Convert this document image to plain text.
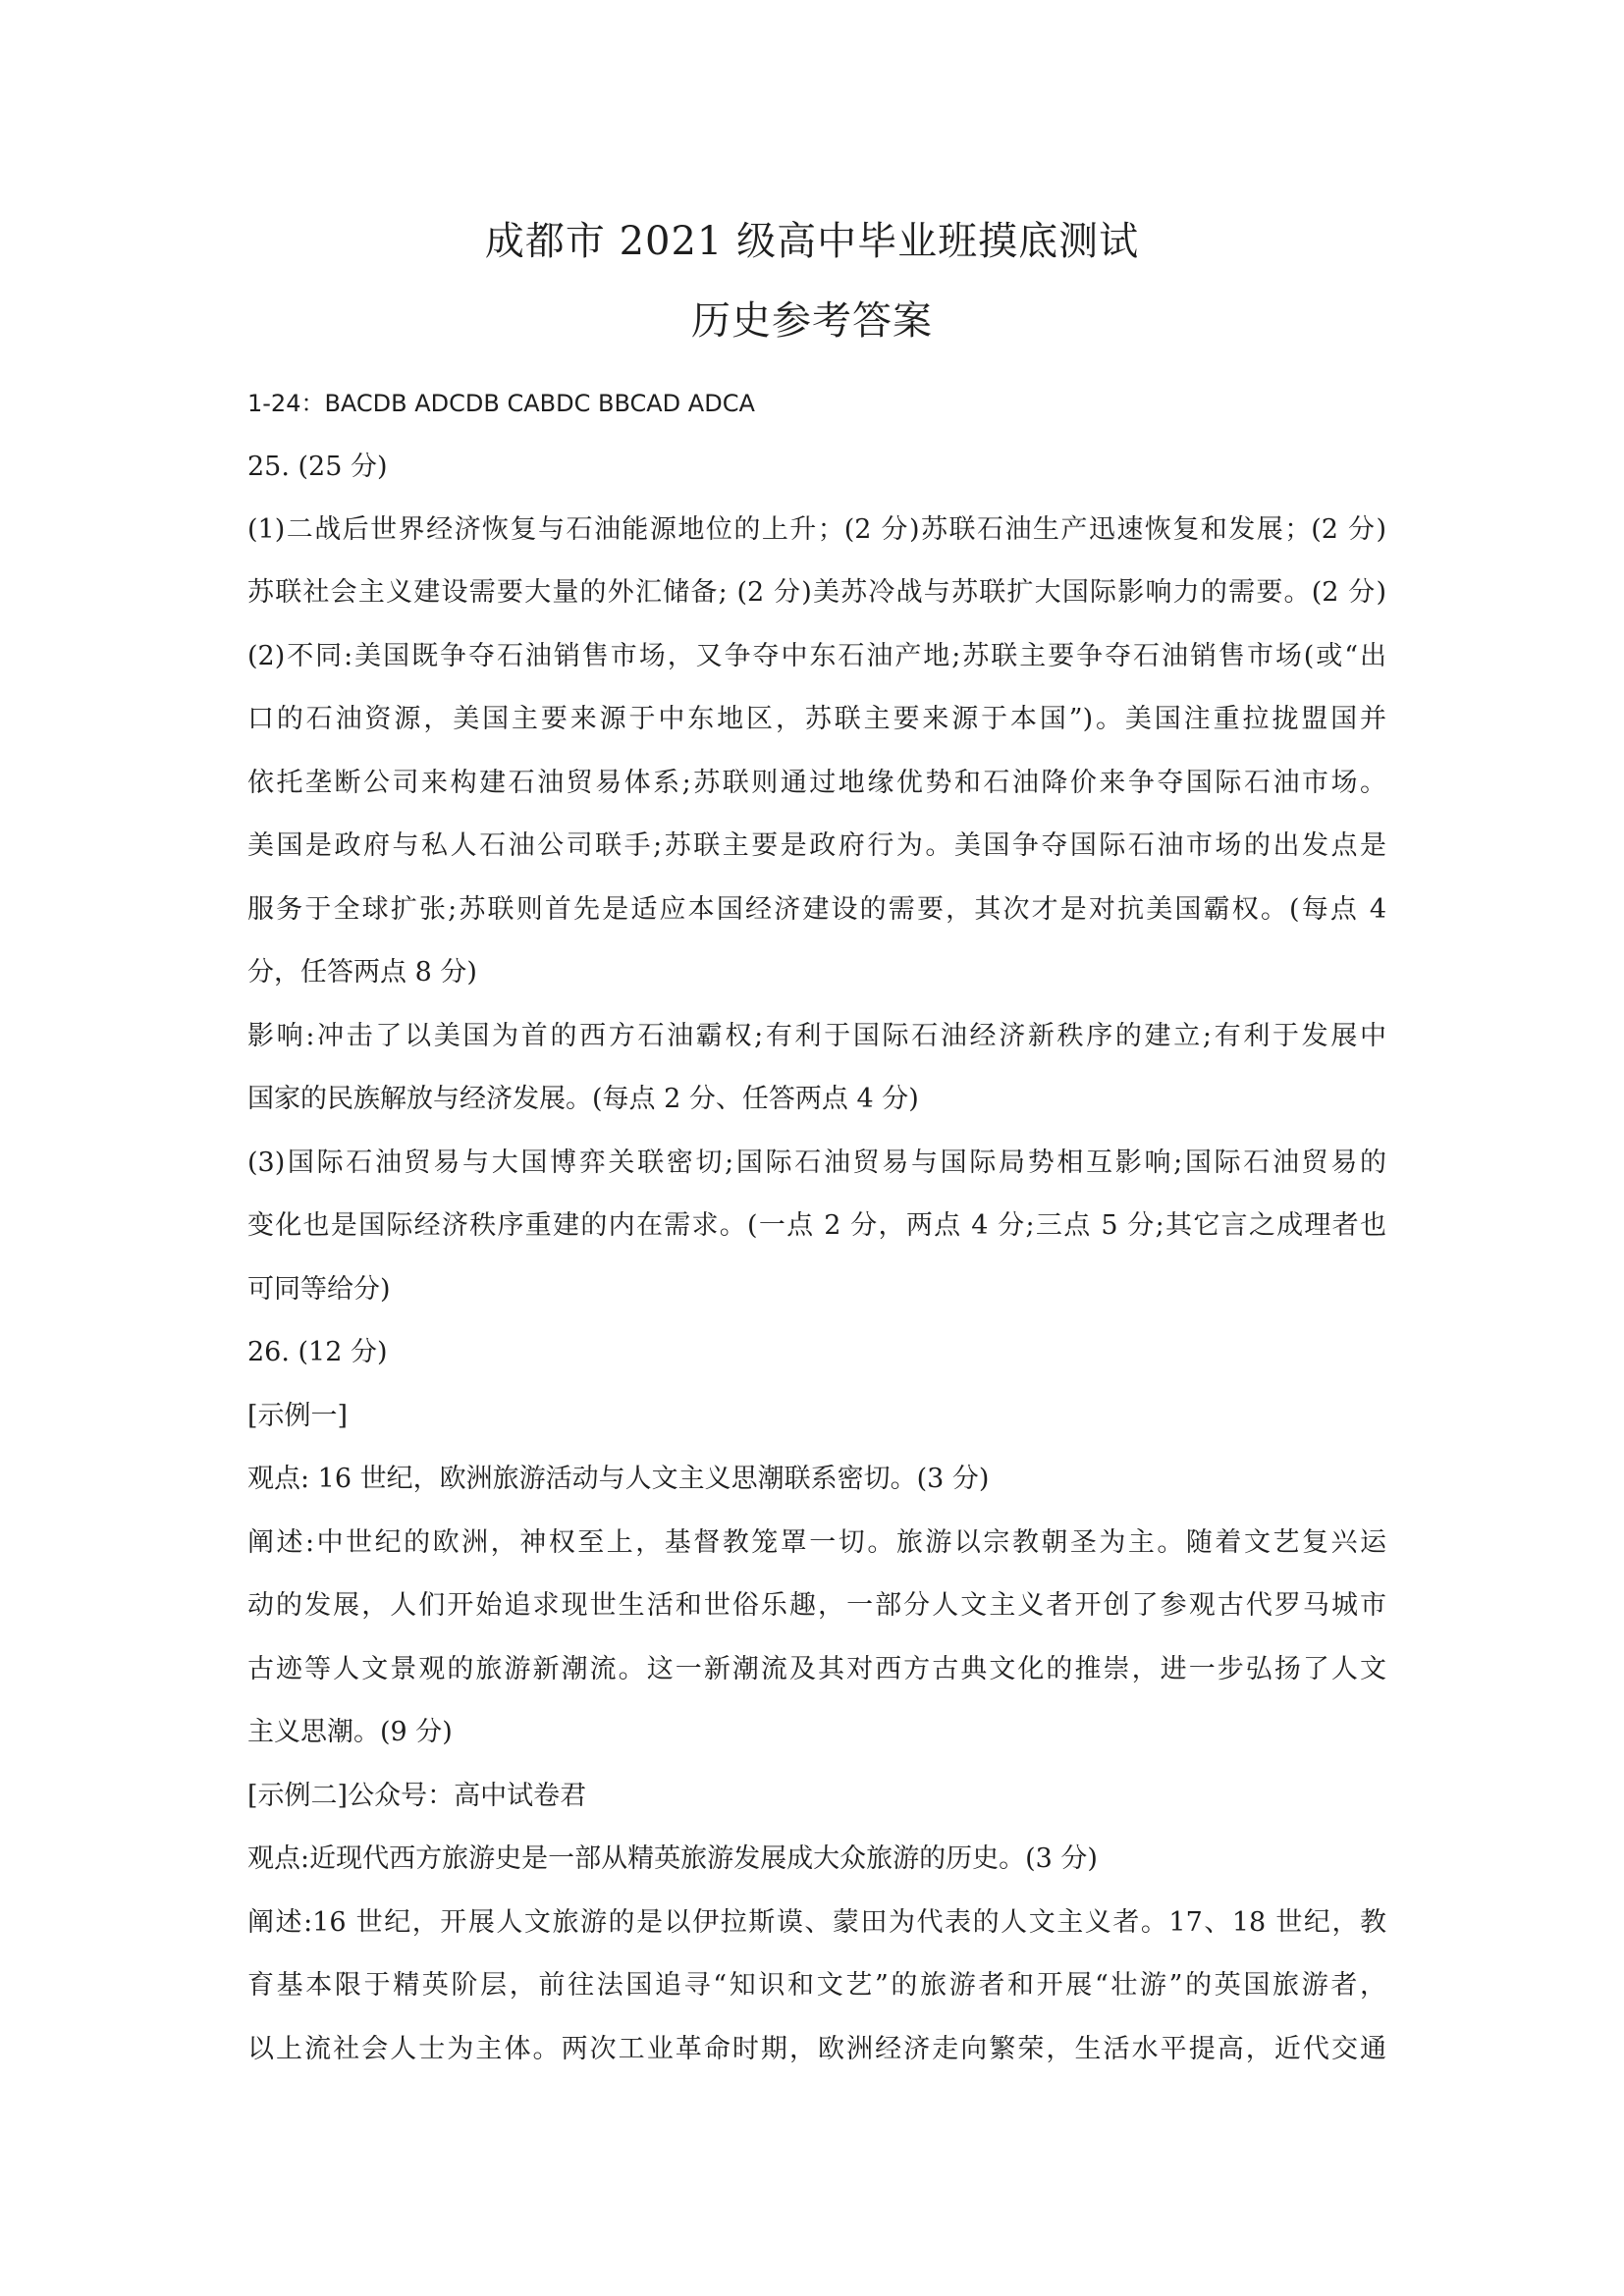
成都市 2021 级高中毕业班摸底测试
历史参考答案
1-24：BACDB ADCDB CABDC BBCAD ADCA
25. (25 分)
(1)二战后世界经济恢复与石油能源地位的上升；(2 分)苏联石油生产迅速恢复和发展；(2 分)
苏联社会主义建设需要大量的外汇储备; (2 分)美苏冷战与苏联扩大国际影响力的需要。(2 分)
(2)不同:美国既争夺石油销售市场，又争夺中东石油产地;苏联主要争夺石油销售市场(或“出
口的石油资源，美国主要来源于中东地区，苏联主要来源于本国”)。美国注重拉拢盟国并
依托垄断公司来构建石油贸易体系;苏联则通过地缘优势和石油降价来争夺国际石油市场。
美国是政府与私人石油公司联手;苏联主要是政府行为。美国争夺国际石油市场的出发点是
服务于全球扩张;苏联则首先是适应本国经济建设的需要，其次才是对抗美国霸权。(每点 4
分，任答两点 8 分)
影响:冲击了以美国为首的西方石油霸权;有利于国际石油经济新秩序的建立;有利于发展中
国家的民族解放与经济发展。(每点 2 分、任答两点 4 分)
(3)国际石油贸易与大国博弈关联密切;国际石油贸易与国际局势相互影响;国际石油贸易的
变化也是国际经济秩序重建的内在需求。(一点 2 分，两点 4 分;三点 5 分;其它言之成理者也
可同等给分)
26. (12 分)
[示例一]
观点: 16 世纪，欧洲旅游活动与人文主义思潮联系密切。(3 分)
阐述:中世纪的欧洲，神权至上，基督教笼罩一切。旅游以宗教朝圣为主。随着文艺复兴运
动的发展，人们开始追求现世生活和世俗乐趣，一部分人文主义者开创了参观古代罗马城市
古迹等人文景观的旅游新潮流。这一新潮流及其对西方古典文化的推崇，进一步弘扬了人文
主义思潮。(9 分)
[示例二]公众号：高中试卷君
观点:近现代西方旅游史是一部从精英旅游发展成大众旅游的历史。(3 分)
阐述:16 世纪，开展人文旅游的是以伊拉斯谟、蒙田为代表的人文主义者。17、18 世纪，教
育基本限于精英阶层，前往法国追寻“知识和文艺”的旅游者和开展“壮游”的英国旅游者，
以上流社会人士为主体。两次工业革命时期，欧洲经济走向繁荣，生活水平提高，近代交通
